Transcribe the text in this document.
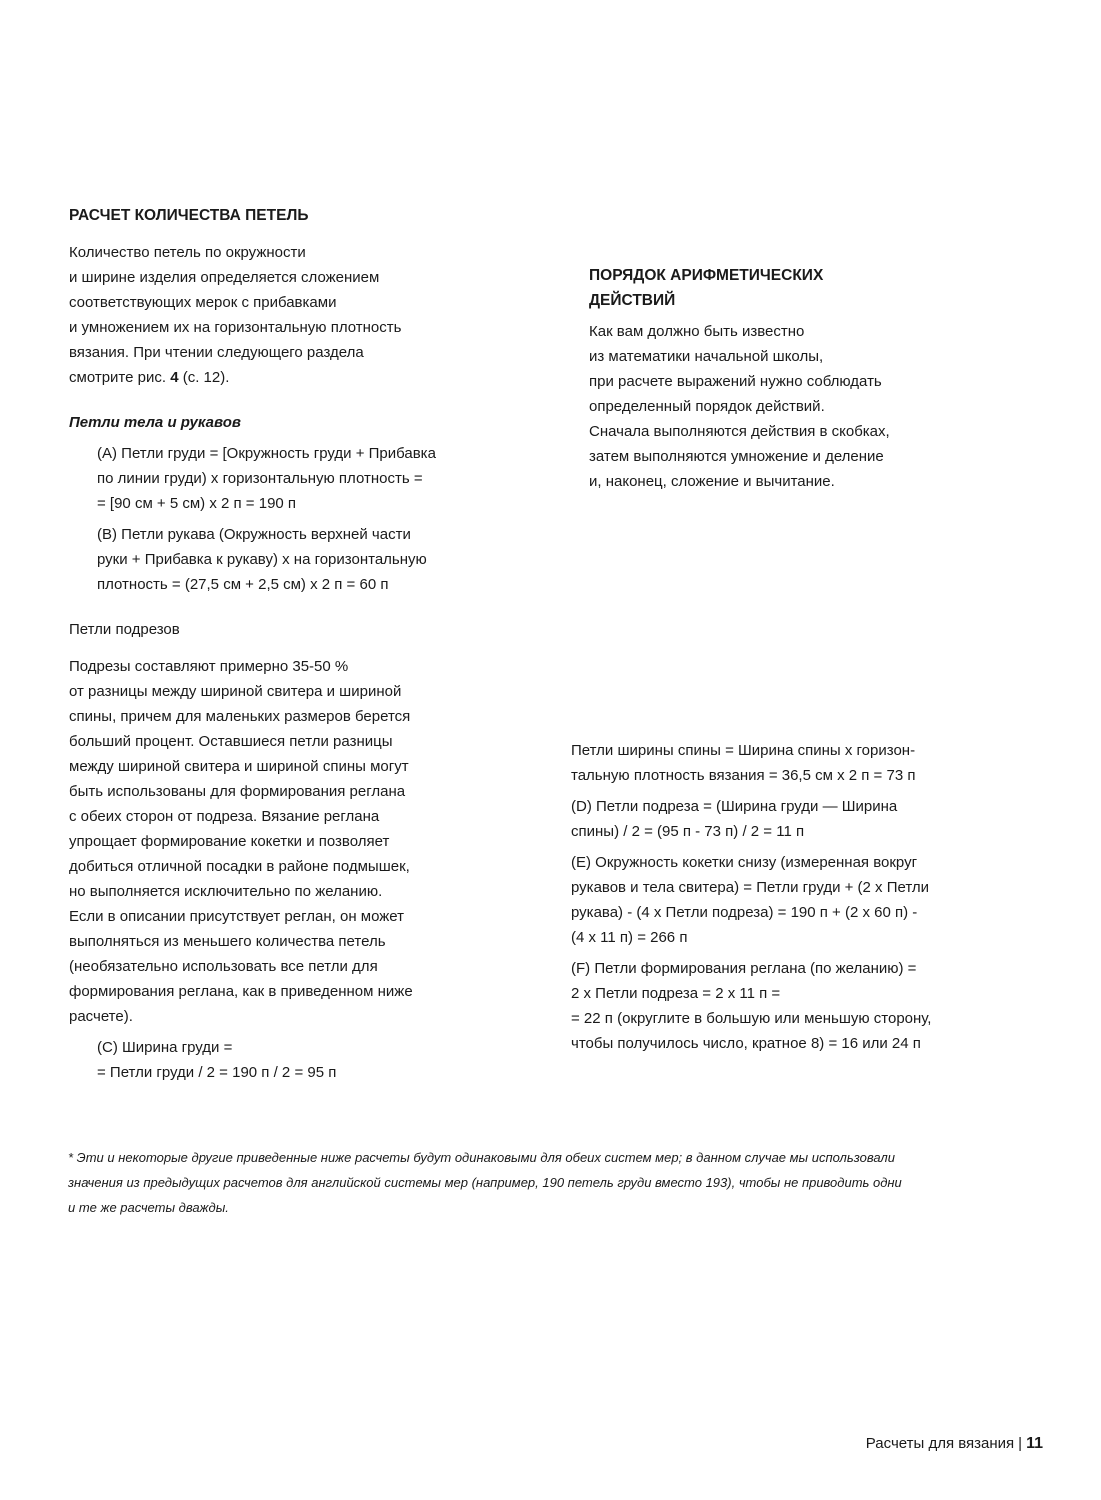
РАСЧЕТ КОЛИЧЕСТВА ПЕТЕЛЬ

Количество петель по окружности
и ширине изделия определяется сложением
соответствующих мерок с прибавками
и умножением их на горизонтальную плотность
вязания. При чтении следующего раздела
смотрите рис. 4 (с. 12).

Петли тела и рукавов

(A) Петли груди = [Окружность груди + Прибавка
по линии груди) х горизонтальную плотность =
= [90 см + 5 см) х 2 п = 190 п
(B) Петли рукава (Окружность верхней части
руки + Прибавка к рукаву) х на горизонтальную
плотность = (27,5 см + 2,5 см) х 2 п = 60 п

Петли подрезов

Подрезы составляют примерно 35-50 %
от разницы между шириной свитера и шириной
спины, причем для маленьких размеров берется
больший процент. Оставшиеся петли разницы
между шириной свитера и шириной спины могут
быть использованы для формирования реглана
с обеих сторон от подреза. Вязание реглана
упрощает формирование кокетки и позволяет
добиться отличной посадки в районе подмышек,
но выполняется исключительно по желанию.
Если в описании присутствует реглан, он может
выполняться из меньшего количества петель
(необязательно использовать все петли для
формирования реглана, как в приведенном ниже
расчете).
(C) Ширина груди =
= Петли груди / 2 = 190 п / 2 = 95 п

ПОРЯДОК АРИФМЕТИЧЕСКИХ
ДЕЙСТВИЙ

Как вам должно быть известно
из математики начальной школы,
при расчете выражений нужно соблюдать
определенный порядок действий.
Сначала выполняются действия в скобках,
затем выполняются умножение и деление
и, наконец, сложение и вычитание.
Петли ширины спины = Ширина спины х горизон-
тальную плотность вязания = 36,5 см х 2 п = 73 п
(D) Петли подреза = (Ширина груди — Ширина
спины) / 2 = (95 п - 73 п) / 2 = 11 п
(E) Окружность кокетки снизу (измеренная вокруг
рукавов и тела свитера) = Петли груди + (2 х Петли
рукава) - (4 х Петли подреза) = 190 п + (2 х 60 п) -
(4 х 11 п) = 266 п
(F) Петли формирования реглана (по желанию) =
2 х Петли подреза = 2 х 11 п =
= 22 п (округлите в большую или меньшую сторону,
чтобы получилось число, кратное 8) = 16 или 24 п
* Эти и некоторые другие приведенные ниже расчеты будут одинаковыми для обеих систем мер; в данном случае мы использовали
значения из предыдущих расчетов для английской системы мер (например, 190 петель груди вместо 193), чтобы не приводить одни
и те же расчеты дважды.
Расчеты для вязания | 11
